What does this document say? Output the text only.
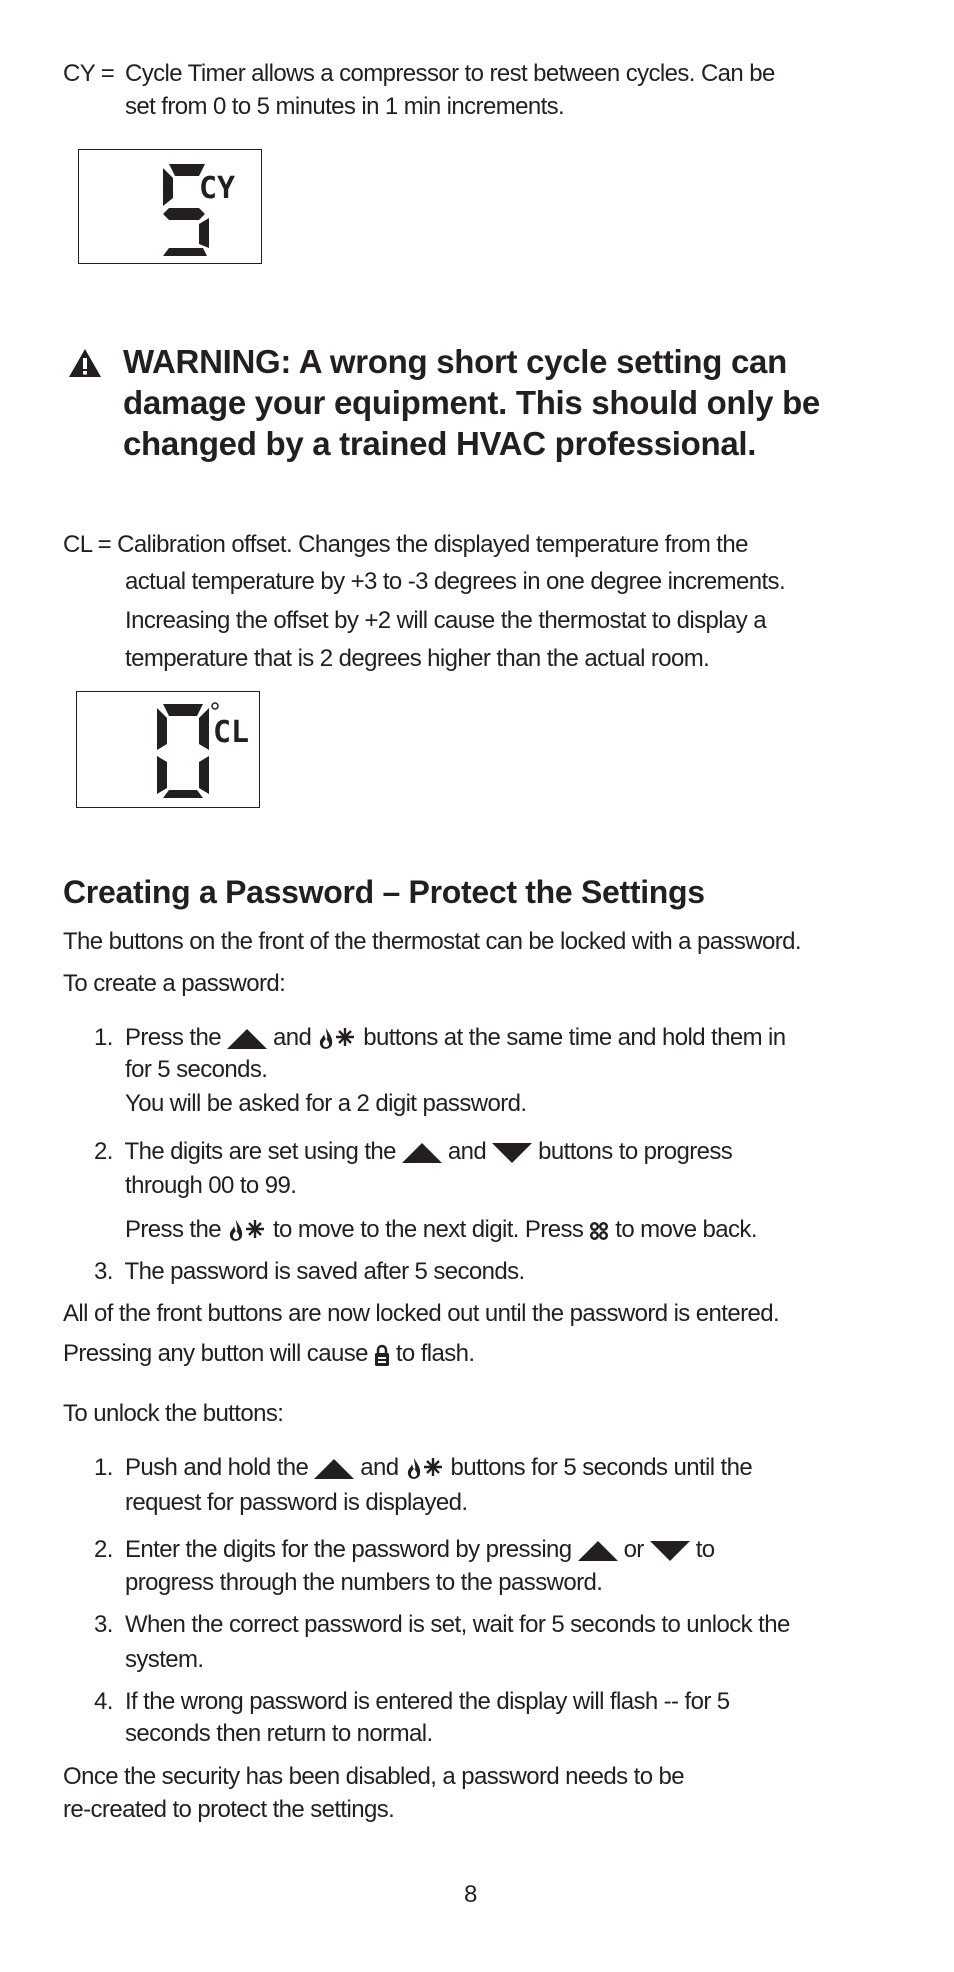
CY = Cycle Timer allows a compressor to rest between cycles. Can be
set from 0 to 5 minutes in 1 min increments.
CY
WARNING: A wrong short cycle setting can
damage your equipment. This should only be
changed by a trained HVAC professional.
CL = Calibration offset. Changes the displayed temperature from the
actual temperature by +3 to -3 degrees in one degree increments.
Increasing the offset by +2 will cause the thermostat to display a
temperature that is 2 degrees higher than the actual room.
CL
Creating a Password – Protect the Settings
The buttons on the front of the thermostat can be locked with a password.
To create a password:
1. Press the and buttons at the same time and hold them in
for 5 seconds.
You will be asked for a 2 digit password.
2. The digits are set using the and buttons to progress
through 00 to 99.
Press the to move to the next digit. Press to move back.
3. The password is saved after 5 seconds.
All of the front buttons are now locked out until the password is entered.
Pressing any button will cause to flash.
To unlock the buttons:
1. Push and hold the and buttons for 5 seconds until the
request for password is displayed.
2. Enter the digits for the password by pressing or to
progress through the numbers to the password.
3. When the correct password is set, wait for 5 seconds to unlock the
system.
4. If the wrong password is entered the display will flash -- for 5
seconds then return to normal.
Once the security has been disabled, a password needs to be
re-created to protect the settings.
8
